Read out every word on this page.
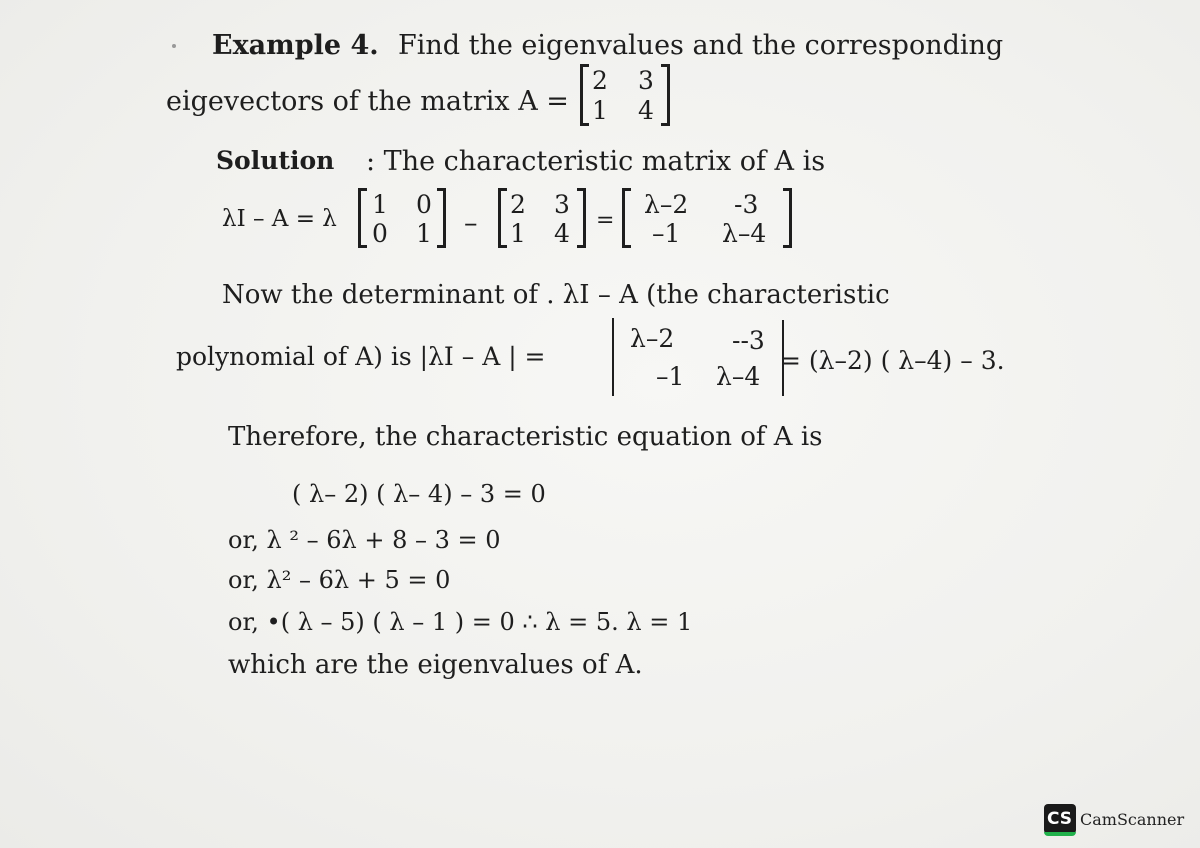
Example 4. Find the eigenvalues and the corresponding
eigevectors of the matrix A =
2 3
1 4
Solution : The characteristic matrix of A is
λI – A = λ 1 0
0 1 –
2 3
1 4 =
λ–2 -3
–1 λ–4
Now the determinant of . λI – A (the characteristic
polynomial of A) is |λI – A | =
λ–2 --3
–1 λ–4
= (λ–2) ( λ–4) – 3.
Therefore, the characteristic equation of A is
( λ– 2) ( λ– 4) – 3 = 0
or, λ ² – 6λ + 8 – 3 = 0
or, λ² – 6λ + 5 = 0
or, •( λ – 5) ( λ – 1 ) = 0 ∴ λ = 5. λ = 1
which are the eigenvalues of A.
CS CamScanner
